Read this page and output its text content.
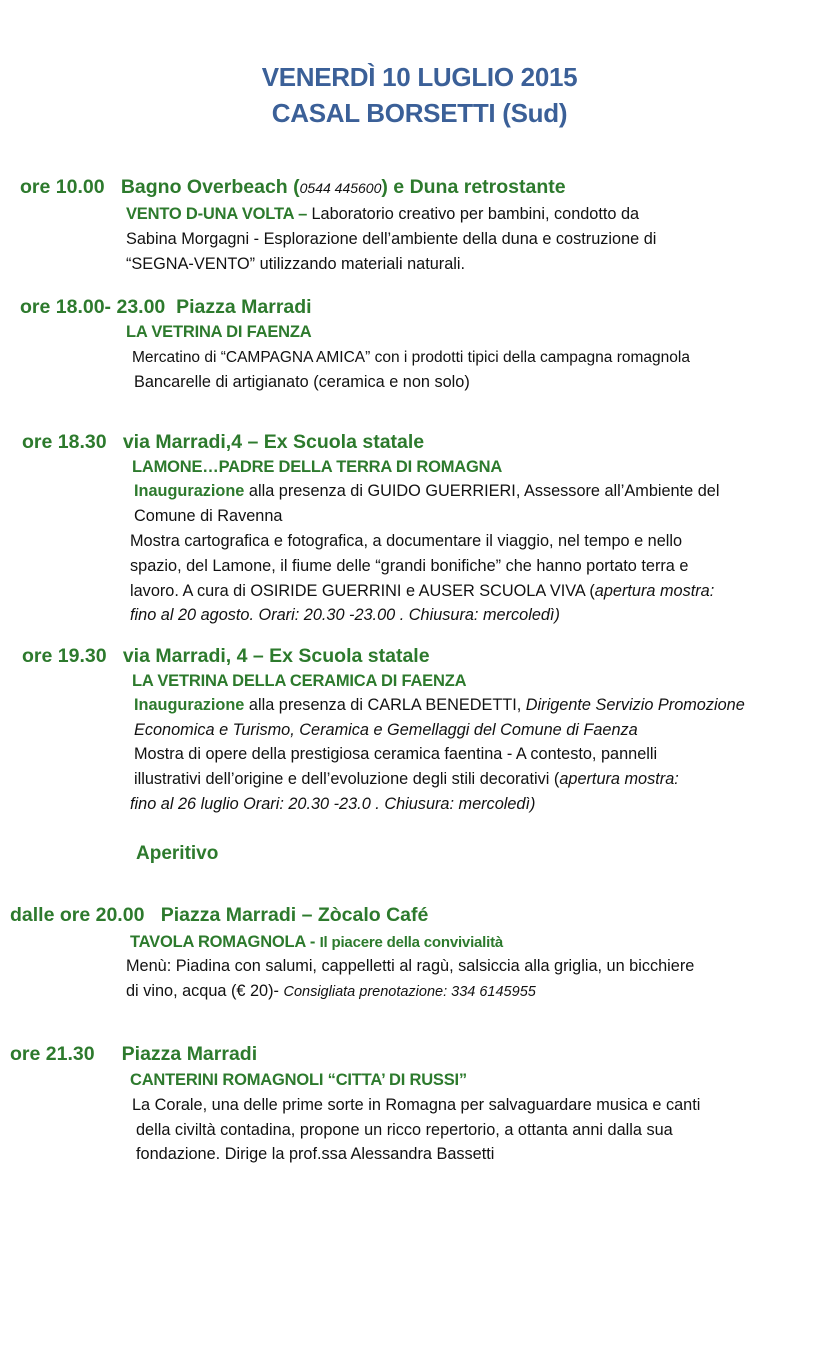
VENERDÌ 10 LUGLIO 2015
CASAL BORSETTI (Sud)
ore 10.00 Bagno Overbeach (0544 445600) e Duna retrostante
VENTO D-UNA VOLTA – Laboratorio creativo per bambini, condotto da
Sabina Morgagni - Esplorazione dell’ambiente della duna e costruzione di
“SEGNA-VENTO” utilizzando materiali naturali.
ore 18.00- 23.00 Piazza Marradi
LA VETRINA DI FAENZA
Mercatino di “CAMPAGNA AMICA” con i prodotti tipici della campagna romagnola
Bancarelle di artigianato (ceramica e non solo)
ore 18.30 via Marradi,4 – Ex Scuola statale
LAMONE…PADRE DELLA TERRA DI ROMAGNA
Inaugurazione alla presenza di GUIDO GUERRIERI, Assessore all’Ambiente del
Comune di Ravenna
Mostra cartografica e fotografica, a documentare il viaggio, nel tempo e nello
spazio, del Lamone, il fiume delle “grandi bonifiche” che hanno portato terra e
lavoro. A cura di OSIRIDE GUERRINI e AUSER SCUOLA VIVA (apertura mostra:
fino al 20 agosto. Orari: 20.30 -23.00 . Chiusura: mercoledì)
ore 19.30 via Marradi, 4 – Ex Scuola statale
LA VETRINA DELLA CERAMICA DI FAENZA
Inaugurazione alla presenza di CARLA BENEDETTI, Dirigente Servizio Promozione
Economica e Turismo, Ceramica e Gemellaggi del Comune di Faenza
Mostra di opere della prestigiosa ceramica faentina - A contesto, pannelli
illustrativi dell’origine e dell’evoluzione degli stili decorativi (apertura mostra:
fino al 26 luglio Orari: 20.30 -23.0 . Chiusura: mercoledì)
Aperitivo
dalle ore 20.00 Piazza Marradi – Zòcalo Café
TAVOLA ROMAGNOLA - Il piacere della convivialità
Menù: Piadina con salumi, cappelletti al ragù, salsiccia alla griglia, un bicchiere
di vino, acqua (€ 20)- Consigliata prenotazione: 334 6145955
ore 21.30 Piazza Marradi
CANTERINI ROMAGNOLI “CITTA’ DI RUSSI”
La Corale, una delle prime sorte in Romagna per salvaguardare musica e canti
della civiltà contadina, propone un ricco repertorio, a ottanta anni dalla sua
fondazione. Dirige la prof.ssa Alessandra Bassetti
